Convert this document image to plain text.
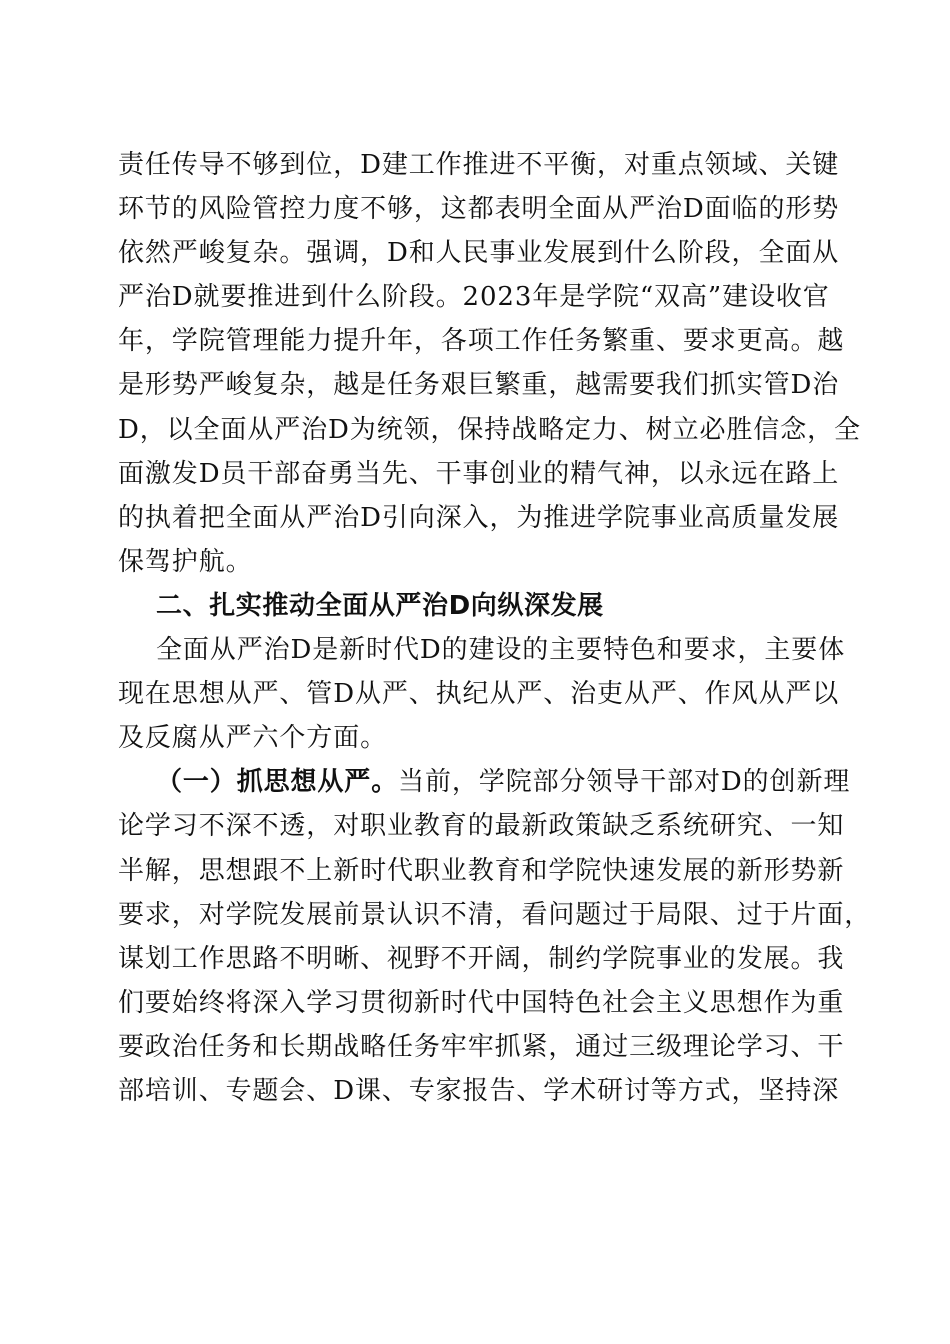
责任传导不够到位，D建工作推进不平衡，对重点领域、关键
环节的风险管控力度不够，这都表明全面从严治D面临的形势
依然严峻复杂。强调，D和人民事业发展到什么阶段，全面从
严治D就要推进到什么阶段。2023年是学院“双高”建设收官
年，学院管理能力提升年，各项工作任务繁重、要求更高。越
是形势严峻复杂，越是任务艰巨繁重，越需要我们抓实管D治
D，以全面从严治D为统领，保持战略定力、树立必胜信念，全
面激发D员干部奋勇当先、干事创业的精气神，以永远在路上
的执着把全面从严治D引向深入，为推进学院事业高质量发展
保驾护航。
二、扎实推动全面从严治D向纵深发展
全面从严治D是新时代D的建设的主要特色和要求，主要体
现在思想从严、管D从严、执纪从严、治吏从严、作风从严以
及反腐从严六个方面。
（一）抓思想从严。当前，学院部分领导干部对D的创新理
论学习不深不透，对职业教育的最新政策缺乏系统研究、一知
半解，思想跟不上新时代职业教育和学院快速发展的新形势新
要求，对学院发展前景认识不清，看问题过于局限、过于片面，
谋划工作思路不明晰、视野不开阔，制约学院事业的发展。我
们要始终将深入学习贯彻新时代中国特色社会主义思想作为重
要政治任务和长期战略任务牢牢抓紧，通过三级理论学习、干
部培训、专题会、D课、专家报告、学术研讨等方式，坚持深
